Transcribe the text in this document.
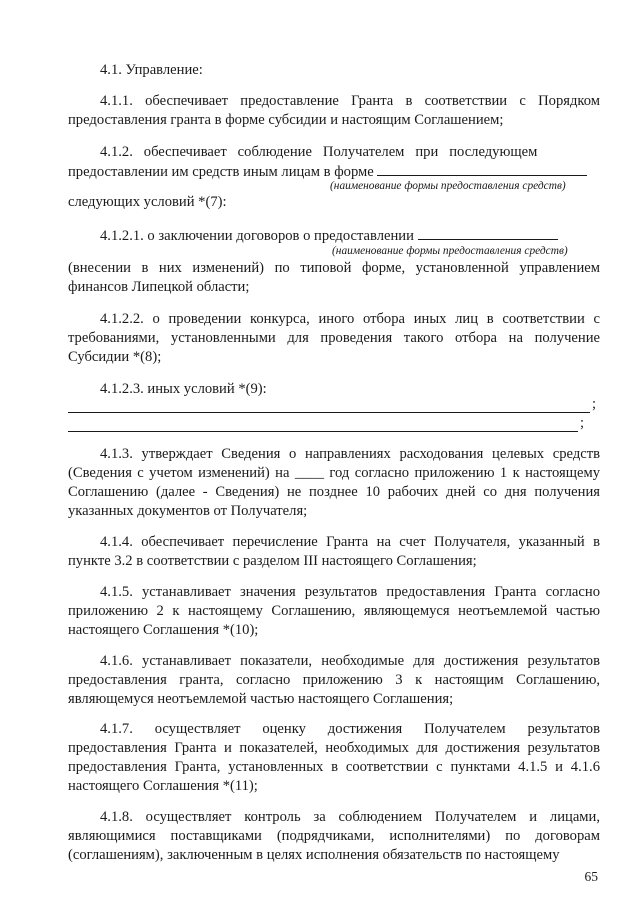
4.1. Управление:

4.1.1. обеспечивает предоставление Гранта в соответствии с Порядком предоставления гранта в форме субсидии и настоящим Соглашением;

4.1.2.   обеспечивает   соблюдение   Получателем   при   последующем

предоставлении им средств иным лицам в форме

(наименование формы предоставления средств)

следующих условий *(7):

4.1.2.1. о заключении договоров о предоставлении

(наименование формы предоставления средств)

(внесении в них изменений) по типовой форме, установленной управлением финансов Липецкой области;

4.1.2.2. о проведении конкурса, иного отбора иных лиц в соответствии с требованиями, установленными для проведения такого отбора на получение Субсидии *(8);

4.1.2.3. иных условий *(9):

;
;

4.1.3. утверждает Сведения о направлениях расходования целевых средств (Сведения с учетом изменений) на ____ год согласно приложению 1 к настоящему Соглашению (далее - Сведения) не позднее 10 рабочих дней со дня получения указанных документов от Получателя;

4.1.4. обеспечивает перечисление Гранта на счет Получателя, указанный в пункте 3.2 в соответствии с разделом III настоящего Соглашения;

4.1.5. устанавливает значения результатов предоставления Гранта согласно приложению 2 к настоящему Соглашению, являющемуся неотъемлемой частью настоящего Соглашения *(10);

4.1.6. устанавливает показатели, необходимые для достижения результатов предоставления гранта, согласно приложению 3 к настоящим Соглашению, являющемуся неотъемлемой частью настоящего Соглашения;

4.1.7. осуществляет оценку достижения Получателем результатов предоставления Гранта и показателей, необходимых для достижения результатов предоставления Гранта, установленных в соответствии с пунктами 4.1.5 и 4.1.6 настоящего Соглашения *(11);

4.1.8. осуществляет контроль за соблюдением Получателем и лицами, являющимися поставщиками (подрядчиками, исполнителями) по договорам (соглашениям), заключенным в целях исполнения обязательств по настоящему

65
